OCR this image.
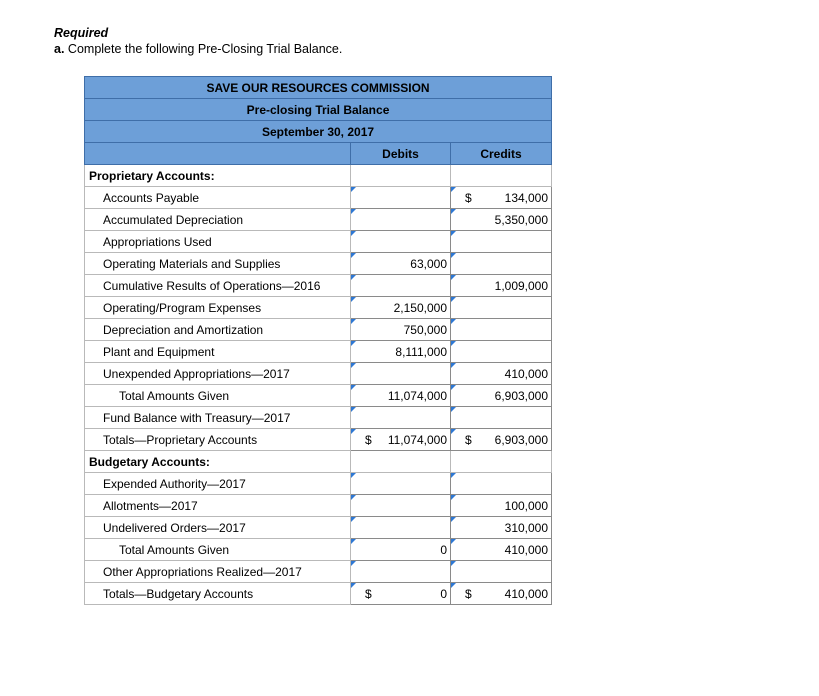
Required
a. Complete the following Pre-Closing Trial Balance.
SAVE OUR RESOURCES COMMISSION		
Pre-closing Trial Balance		
September 30, 2017		
	Debits	Credits
Proprietary Accounts:	

Accounts Payable		$ 134,000

Accumulated Depreciation		5,350,000

Appropriations Used	

Operating Materials and Supplies	63,000	

Cumulative Results of Operations—2016		1,009,000

Operating/Program Expenses	2,150,000	

Depreciation and Amortization	750,000	

Plant and Equipment	8,111,000	

Unexpended Appropriations—2017		410,000

Total Amounts Given	11,074,000	6,903,000

Fund Balance with Treasury—2017	

Totals—Proprietary Accounts	$ 11,074,000	$ 6,903,000

Budgetary Accounts:	

Expended Authority—2017	

Allotments—2017		100,000

Undelivered Orders—2017		310,000

Total Amounts Given	0	410,000

Other Appropriations Realized—2017	

Totals—Budgetary Accounts	$ 0	$ 410,000
